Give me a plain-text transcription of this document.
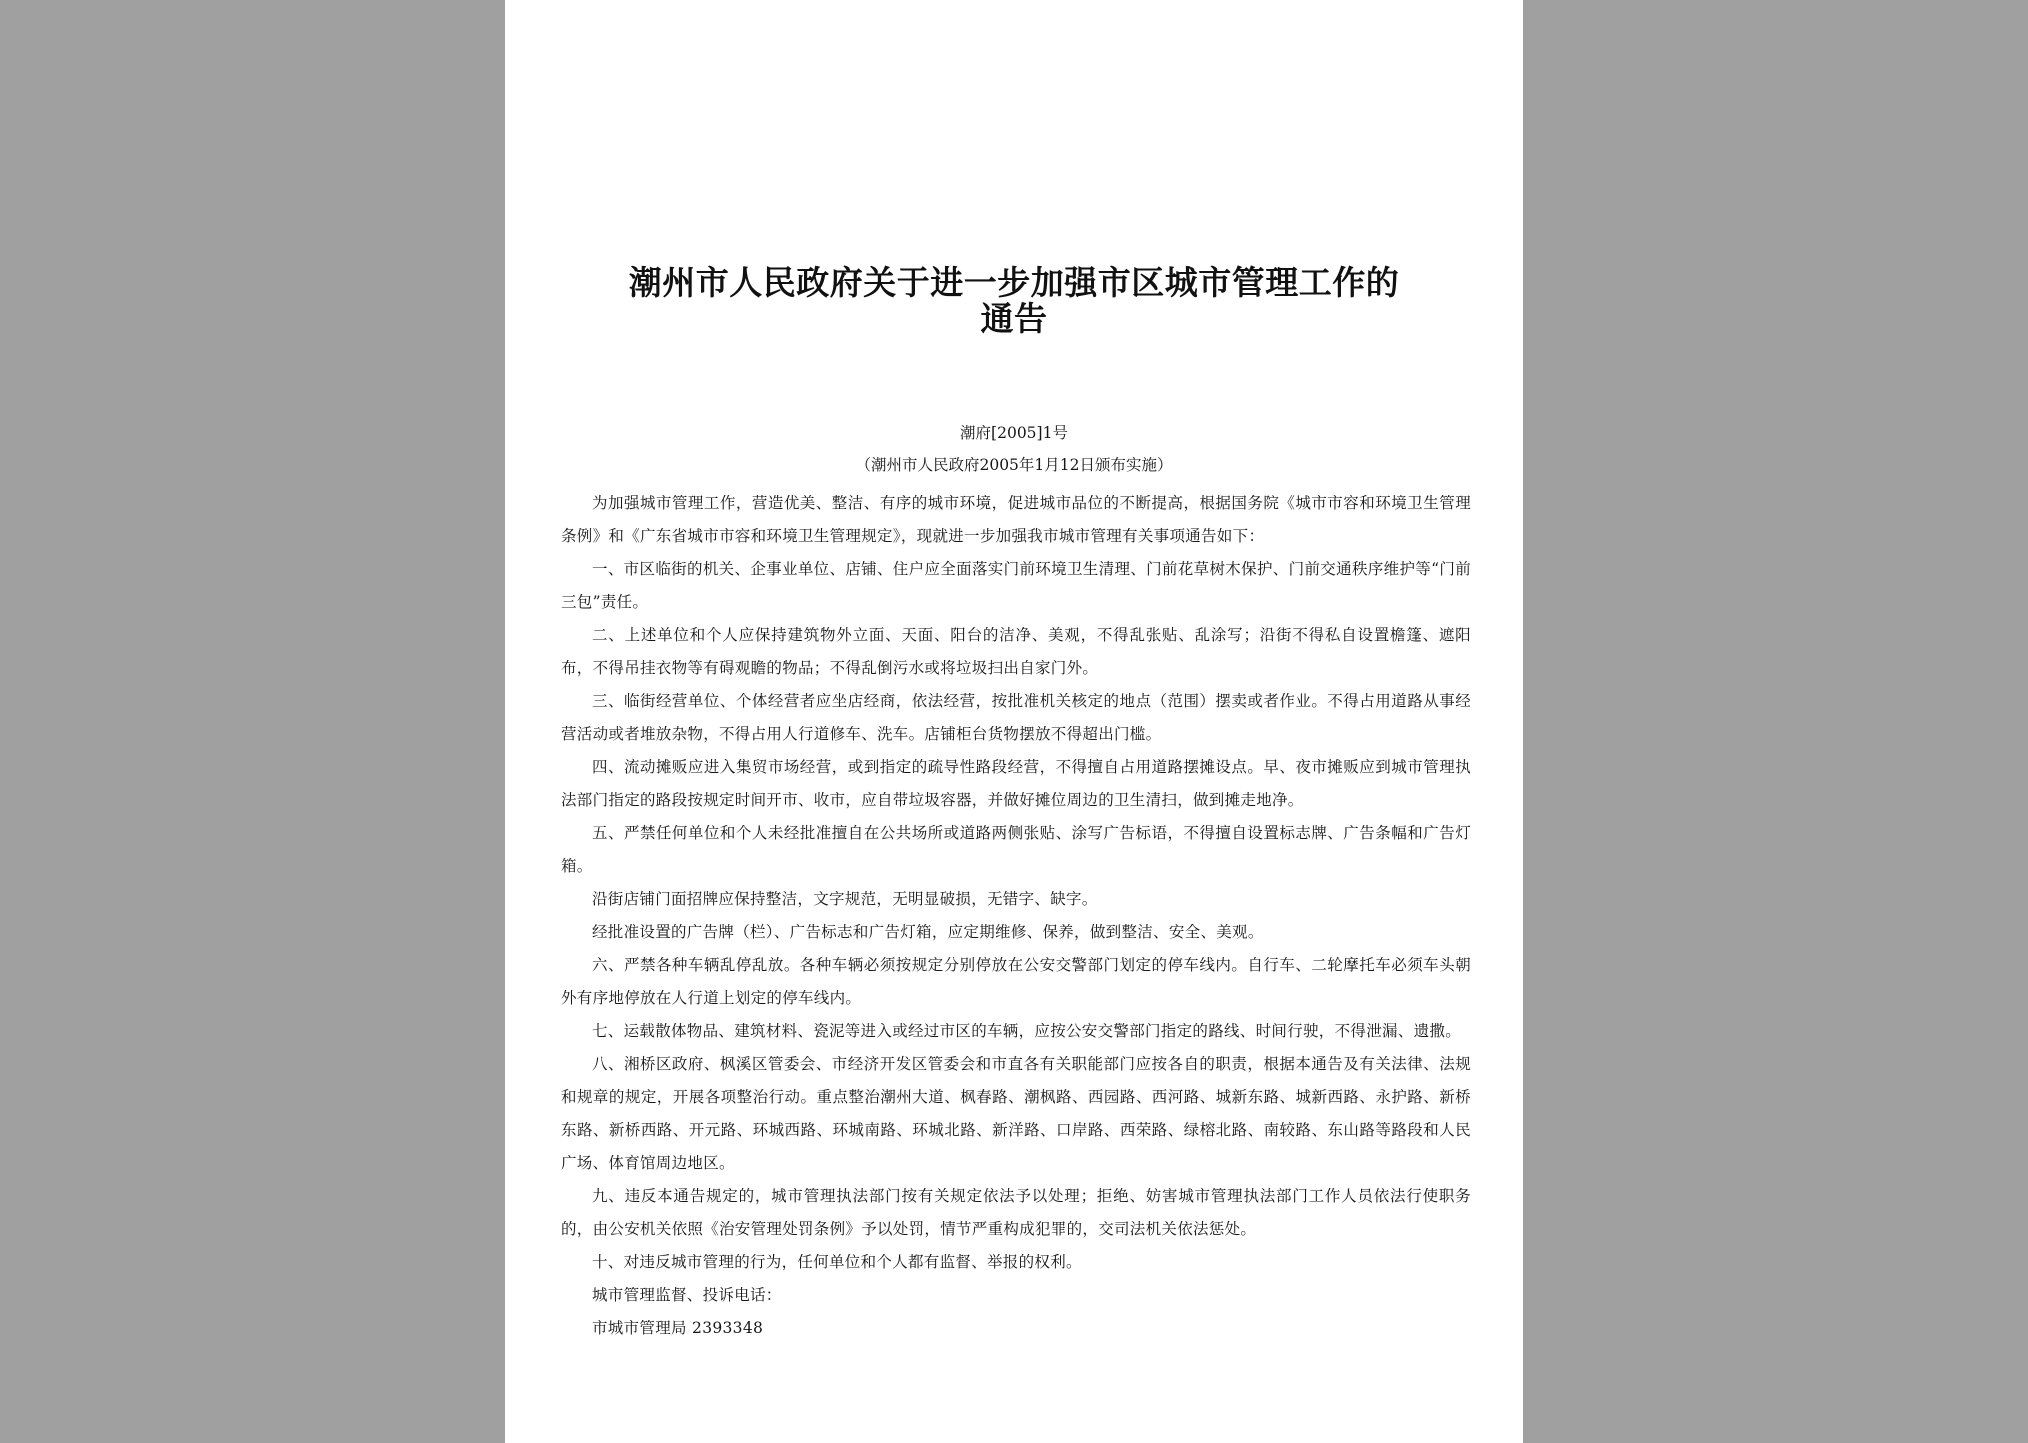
潮州市人民政府关于进一步加强市区城市管理工作的
通告
潮府[2005]1号
（潮州市人民政府2005年1月12日颁布实施）

为加强城市管理工作，营造优美、整洁、有序的城市环境，促进城市品位的不断提高，根据国务院《城市市容和环境卫生管理条例》和《广东省城市市容和环境卫生管理规定》，现就进一步加强我市城市管理有关事项通告如下：

一、市区临街的机关、企事业单位、店铺、住户应全面落实门前环境卫生清理、门前花草树木保护、门前交通秩序维护等“门前三包”责任。

二、上述单位和个人应保持建筑物外立面、天面、阳台的洁净、美观，不得乱张贴、乱涂写；沿街不得私自设置檐篷、遮阳布，不得吊挂衣物等有碍观瞻的物品；不得乱倒污水或将垃圾扫出自家门外。

三、临街经营单位、个体经营者应坐店经商，依法经营，按批准机关核定的地点（范围）摆卖或者作业。不得占用道路从事经营活动或者堆放杂物，不得占用人行道修车、洗车。店铺柜台货物摆放不得超出门槛。

四、流动摊贩应进入集贸市场经营，或到指定的疏导性路段经营，不得擅自占用道路摆摊设点。早、夜市摊贩应到城市管理执法部门指定的路段按规定时间开市、收市，应自带垃圾容器，并做好摊位周边的卫生清扫，做到摊走地净。

五、严禁任何单位和个人未经批准擅自在公共场所或道路两侧张贴、涂写广告标语，不得擅自设置标志牌、广告条幅和广告灯箱。

沿街店铺门面招牌应保持整洁，文字规范，无明显破损，无错字、缺字。

经批准设置的广告牌（栏）、广告标志和广告灯箱，应定期维修、保养，做到整洁、安全、美观。

六、严禁各种车辆乱停乱放。各种车辆必须按规定分别停放在公安交警部门划定的停车线内。自行车、二轮摩托车必须车头朝外有序地停放在人行道上划定的停车线内。

七、运载散体物品、建筑材料、瓷泥等进入或经过市区的车辆，应按公安交警部门指定的路线、时间行驶，不得泄漏、遗撒。

八、湘桥区政府、枫溪区管委会、市经济开发区管委会和市直各有关职能部门应按各自的职责，根据本通告及有关法律、法规和规章的规定，开展各项整治行动。重点整治潮州大道、枫春路、潮枫路、西园路、西河路、城新东路、城新西路、永护路、新桥东路、新桥西路、开元路、环城西路、环城南路、环城北路、新洋路、口岸路、西荣路、绿榕北路、南较路、东山路等路段和人民广场、体育馆周边地区。

九、违反本通告规定的，城市管理执法部门按有关规定依法予以处理；拒绝、妨害城市管理执法部门工作人员依法行使职务的，由公安机关依照《治安管理处罚条例》予以处罚，情节严重构成犯罪的，交司法机关依法惩处。

十、对违反城市管理的行为，任何单位和个人都有监督、举报的权利。

城市管理监督、投诉电话：

市城市管理局 2393348
